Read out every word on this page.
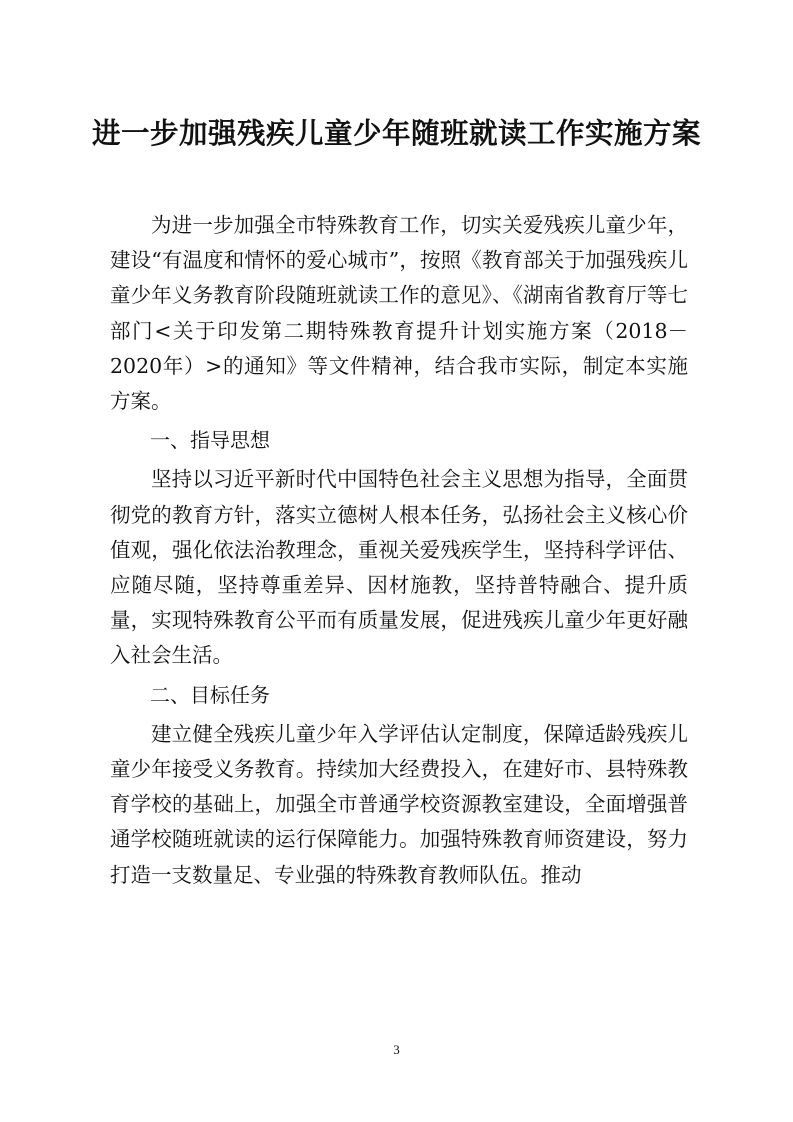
进一步加强残疾儿童少年随班就读工作实施方案

为进一步加强全市特殊教育工作，切实关爱残疾儿童少年，建设“有温度和情怀的爱心城市”，按照《教育部关于加强残疾儿童少年义务教育阶段随班就读工作的意见》、《湖南省教育厅等七部门<关于印发第二期特殊教育提升计划实施方案（2018－2020年）>的通知》等文件精神，结合我市实际，制定本实施方案。

一、指导思想

坚持以习近平新时代中国特色社会主义思想为指导，全面贯彻党的教育方针，落实立德树人根本任务，弘扬社会主义核心价值观，强化依法治教理念，重视关爱残疾学生，坚持科学评估、应随尽随，坚持尊重差异、因材施教，坚持普特融合、提升质量，实现特殊教育公平而有质量发展，促进残疾儿童少年更好融入社会生活。

二、目标任务

建立健全残疾儿童少年入学评估认定制度，保障适龄残疾儿童少年接受义务教育。持续加大经费投入，在建好市、县特殊教育学校的基础上，加强全市普通学校资源教室建设，全面增强普通学校随班就读的运行保障能力。加强特殊教育师资建设，努力打造一支数量足、专业强的特殊教育教师队伍。推动

3
